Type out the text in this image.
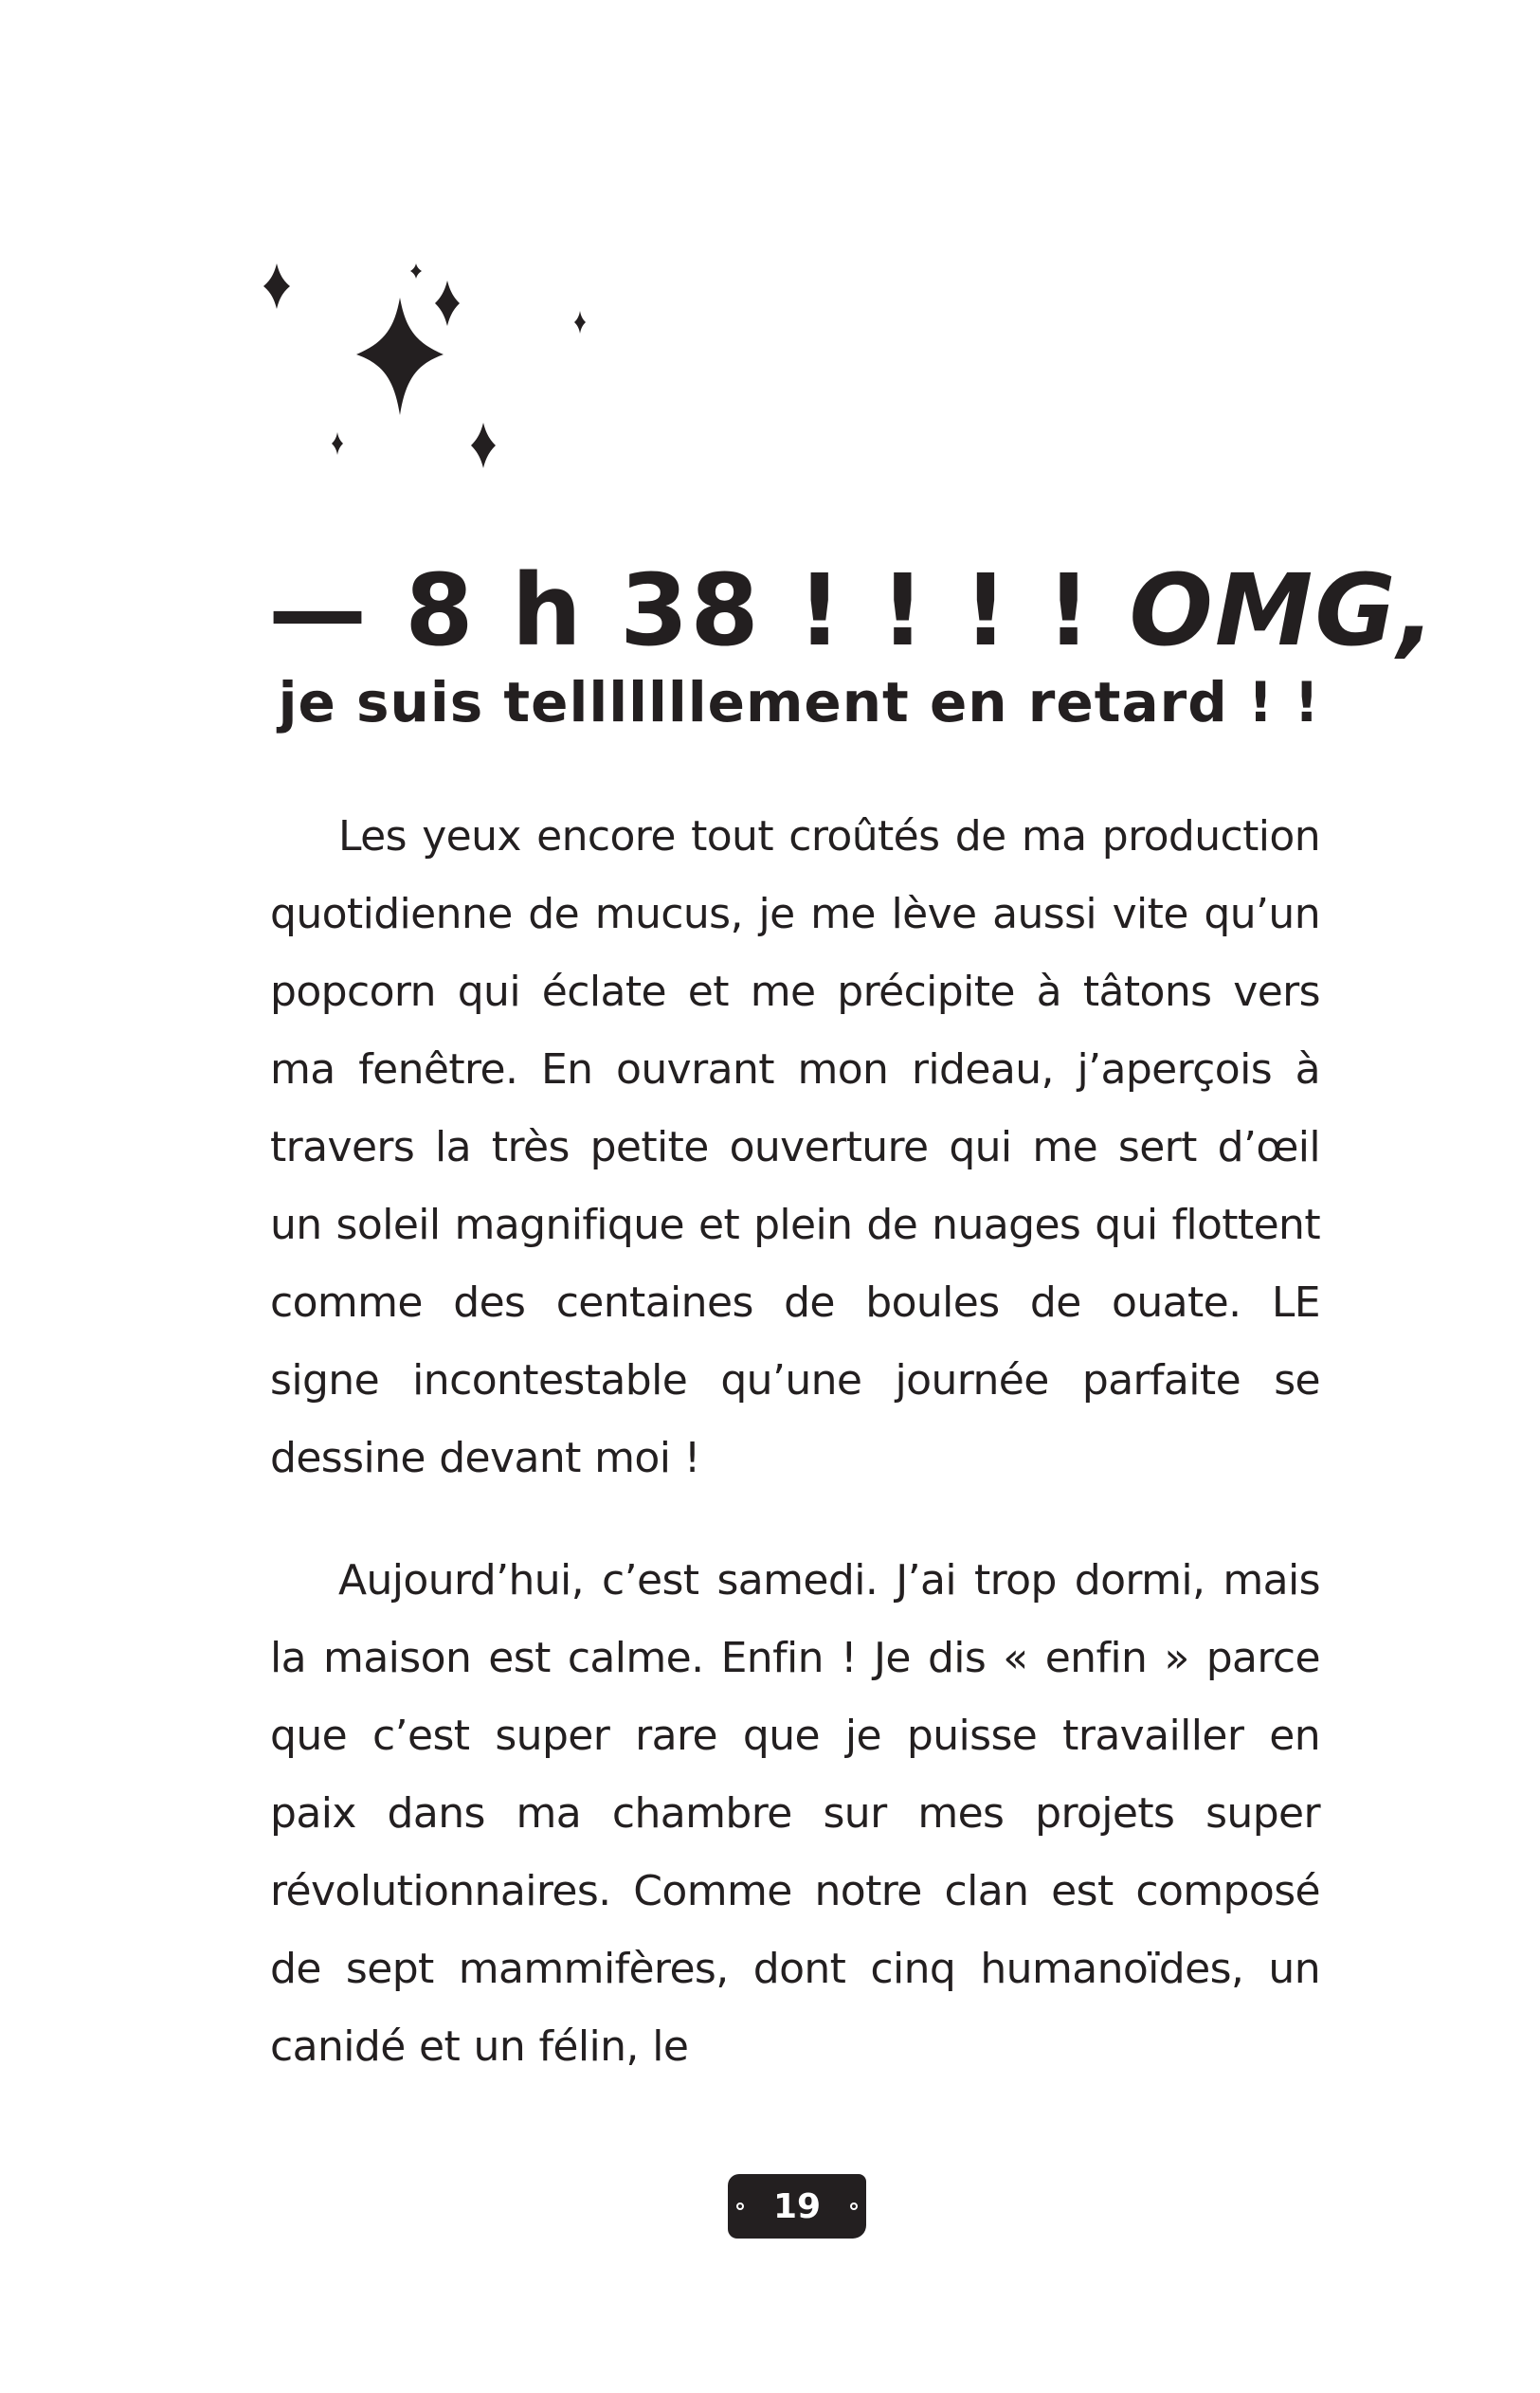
— 8 h 38 ! ! ! ! OMG,
je suis telllllllement en retard ! !

Les yeux encore tout croûtés de ma production quotidienne de mucus, je me lève aussi vite qu’un popcorn qui éclate et me précipite à tâtons vers ma fenêtre. En ouvrant mon rideau, j’aperçois à travers la très petite ouverture qui me sert d’œil un soleil magnifique et plein de nuages qui flottent comme des centaines de boules de ouate. LE signe incontestable qu’une journée parfaite se dessine devant moi !

Aujourd’hui, c’est samedi. J’ai trop dormi, mais la maison est calme. Enfin ! Je dis « enfin » parce que c’est super rare que je puisse travailler en paix dans ma chambre sur mes projets super révolutionnaires. Comme notre clan est composé de sept mammifères, dont cinq humanoïdes, un canidé et un félin, le

19
